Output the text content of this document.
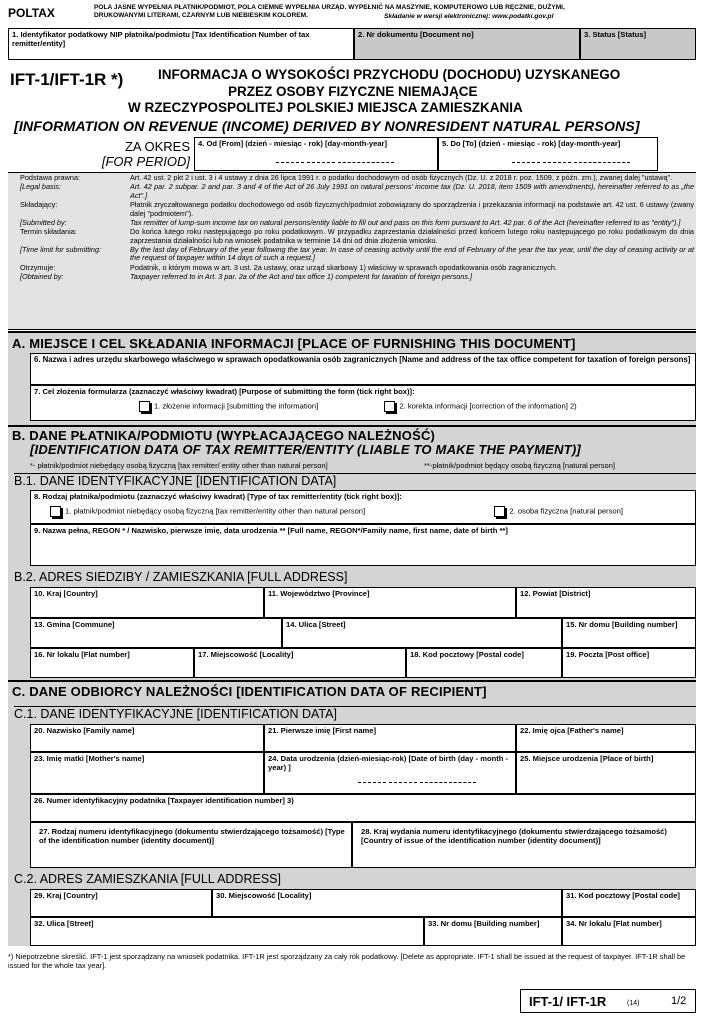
POLTAX	POLA JASNE WYPEŁNIA PŁATNIK/PODMIOT, POLA CIEMNE WYPEŁNIA URZĄD. WYPEŁNIĆ NA MASZYNIE, KOMPUTEROWO LUB RĘCZNIE, DUŻYMI, DRUKOWANYMI LITERAMI, CZARNYM LUB NIEBIESKIM KOLOREM.	Składanie w wersji elektronicznej: www.podatki.gov.pl
1. Identyfikator podatkowy NIP płatnika/podmiotu [Tax Identification Number of tax remitter/entity]
2. Nr dokumentu [Document no]	3. Status [Status]
IFT-1/IFT-1R *)	INFORMACJA O WYSOKOŚCI PRZYCHODU (DOCHODU) UZYSKANEGO
PRZEZ OSOBY FIZYCZNE NIEMAJĄCE
W RZECZYPOSPOLITEJ POLSKIEJ MIEJSCA ZAMIESZKANIA
[INFORMATION ON REVENUE (INCOME) DERIVED BY NONRESIDENT NATURAL PERSONS]
ZA OKRES
[FOR PERIOD]
4. Od [From] (dzień - miesiąc - rok) [day-month-year]	5. Do [To] (dzień - miesiąc - rok) [day-month-year]
Podstawa prawna:	Art. 42 ust. 2 pkt 2 i ust. 3 i 4 ustawy z dnia 26 lipca 1991 r. o podatku dochodowym od osób fizycznych (Dz. U. z 2018 r. poz. 1509, z późn. zm.), zwanej dalej "ustawą".
[Legal basis:	Art. 42 par. 2 subpar. 2 and par. 3 and 4 of the Act of 26 July 1991 on natural persons' income tax (Dz. U. 2018, item 1509 with amendments), hereinafter referred to as „the Act".]
Składający:	Płatnik zryczałtowanego podatku dochodowego od osób fizycznych/podmiot zobowiązany do sporządzenia i przekazania informacji na podstawie art. 42 ust. 6 ustawy (zwany dalej "podmiotem").
[Submitted by:	Tax remitter of lump-sum income tax on natural persons/entity liable to fill out and pass on this form pursuant to Art. 42 par. 6 of the Act (hereinafter referred to as "entity").]
Termin składania:	Do końca lutego roku następującego po roku podatkowym. W przypadku zaprzestania działalności przed końcem lutego roku następującego po roku podatkowym do dnia zaprzestania działalności lub na wniosek podatnika w terminie 14 dni od dnia złożenia wniosku.
[Time limit for submitting:	By the last day of February of the year following the tax year. In case of ceasing activity until the end of February of the year the tax year, until the day of ceasing activity or at the request of taxpayer within 14 days of such a request.]
Otrzymuje:	Podatnik, o którym mowa w art. 3 ust. 2a ustawy, oraz urząd skarbowy 1) właściwy w sprawach opodatkowania osób zagranicznych.
[Obtained by:	Taxpayer referred to in Art. 3 par. 2a of the Act and tax office 1) competent for taxation of foreign persons.]
A. MIEJSCE I CEL SKŁADANIA INFORMACJI [PLACE OF FURNISHING THIS DOCUMENT]
6. Nazwa i adres urzędu skarbowego właściwego w sprawach opodatkowania osób zagranicznych [Name and address of the tax office competent for taxation of foreign persons]
7. Cel złożenia formularza (zaznaczyć właściwy kwadrat) [Purpose of submitting the form (tick right box)]:
1. złożenie informacji [submitting the information]	2. korekta informacji [correction of the information] 2)
B. DANE PŁATNIKA/PODMIOTU (WYPŁACAJĄCEGO NALEŻNOŚĆ)
[IDENTIFICATION DATA OF TAX REMITTER/ENTITY (LIABLE TO MAKE THE PAYMENT)]
*- płatnik/podmiot niebędący osobą fizyczną [tax remitter/ entity other than natural person]	**-płatnik/podmiot będący osobą fizyczną [natural person]
B.1. DANE IDENTYFIKACYJNE [IDENTIFICATION DATA]
8. Rodzaj płatnika/podmiotu (zaznaczyć właściwy kwadrat) [Type of tax remitter/entity (tick right box)]:
1. płatnik/podmiot niebędący osobą fizyczną [tax remitter/entity other than natural person]	2. osoba fizyczna [natural person]
9. Nazwa pełna, REGON * / Nazwisko, pierwsze imię, data urodzenia ** [Full name, REGON*/Family name, first name, date of birth **]
B.2. ADRES SIEDZIBY / ZAMIESZKANIA [FULL ADDRESS]
10. Kraj [Country]	11. Województwo [Province]	12. Powiat [District]
13. Gmina [Commune]	14. Ulica [Street]	15. Nr domu [Building number]
16. Nr lokalu [Flat number]	17. Miejscowość [Locality]	18. Kod pocztowy [Postal code]	19. Poczta [Post office]
C. DANE ODBIORCY NALEŻNOŚCI [IDENTIFICATION DATA OF RECIPIENT]
C.1. DANE IDENTYFIKACYJNE [IDENTIFICATION DATA]
20. Nazwisko [Family name]	21. Pierwsze imię [First name]	22. Imię ojca [Father's name]
23. Imię matki [Mother's name]	24. Data urodzenia (dzień-miesiąc-rok) [Date of birth (day - month - year) ]
25. Miejsce urodzenia [Place of birth]
26. Numer identyfikacyjny podatnika [Taxpayer identification number] 3)
27. Rodzaj numeru identyfikacyjnego (dokumentu stwierdzającego tożsamość) [Type of the identification number (identity document)]
28. Kraj wydania numeru identyfikacyjnego (dokumentu stwierdzającego tożsamość) [Country of issue of the identification number (identity document)]
C.2. ADRES ZAMIESZKANIA [FULL ADDRESS]
29. Kraj [Country]	30. Miejscowość [Locality]	31. Kod pocztowy [Postal code]
32. Ulica [Street]	33. Nr domu [Building number]	34. Nr lokalu [Flat number]
*) Niepotrzebne skreślić. IFT-1 jest sporządzany na wniosek podatnika. IFT-1R jest sporządzany za cały rok podatkowy. [Delete as appropriate. IFT-1 shall be issued at the request of taxpayer. IFT-1R shall be issued for the whole tax year].
IFT-1/ IFT-1R	(14)	1/2
